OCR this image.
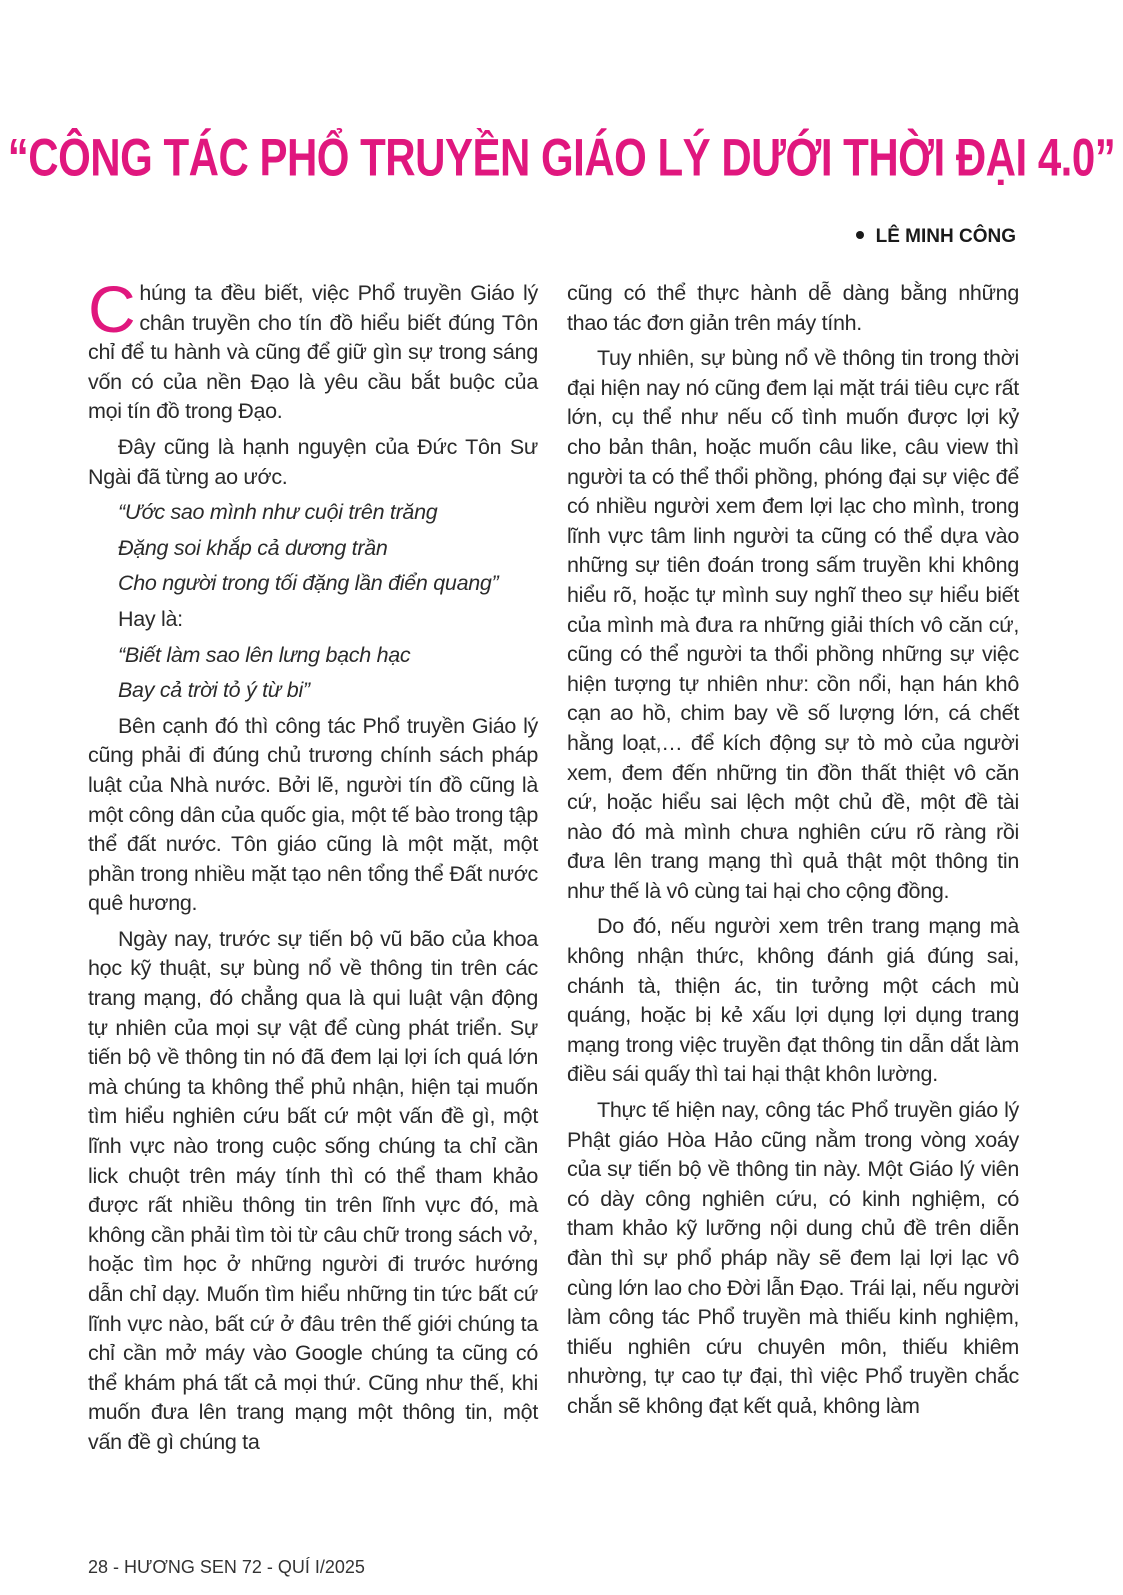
“CÔNG TÁC PHỔ TRUYỀN GIÁO LÝ DƯỚI THỜI ĐẠI 4.0”
LÊ MINH CÔNG

Chúng ta đều biết, việc Phổ truyền Giáo lý chân truyền cho tín đồ hiểu biết đúng Tôn chỉ để tu hành và cũng để giữ gìn sự trong sáng vốn có của nền Đạo là yêu cầu bắt buộc của mọi tín đồ trong Đạo.

Đây cũng là hạnh nguyện của Đức Tôn Sư Ngài đã từng ao ước.

“Ước sao mình như cuội trên trăng

Đặng soi khắp cả dương trần

Cho người trong tối đặng lần điển quang”

Hay là:

“Biết làm sao lên lưng bạch hạc

Bay cả trời tỏ ý từ bi”

Bên cạnh đó thì công tác Phổ truyền Giáo lý cũng phải đi đúng chủ trương chính sách pháp luật của Nhà nước. Bởi lẽ, người tín đồ cũng là một công dân của quốc gia, một tế bào trong tập thể đất nước. Tôn giáo cũng là một mặt, một phần trong nhiều mặt tạo nên tổng thể Đất nước quê hương.

Ngày nay, trước sự tiến bộ vũ bão của khoa học kỹ thuật, sự bùng nổ về thông tin trên các trang mạng, đó chẳng qua là qui luật vận động tự nhiên của mọi sự vật để cùng phát triển. Sự tiến bộ về thông tin nó đã đem lại lợi ích quá lớn mà chúng ta không thể phủ nhận, hiện tại muốn tìm hiểu nghiên cứu bất cứ một vấn đề gì, một lĩnh vực nào trong cuộc sống chúng ta chỉ cần lick chuột trên máy tính thì có thể tham khảo được rất nhiều thông tin trên lĩnh vực đó, mà không cần phải tìm tòi từ câu chữ trong sách vở, hoặc tìm học ở những người đi trước hướng dẫn chỉ dạy. Muốn tìm hiểu những tin tức bất cứ lĩnh vực nào, bất cứ ở đâu trên thế giới chúng ta chỉ cần mở máy vào Google chúng ta cũng có thể khám phá tất cả mọi thứ. Cũng như thế, khi muốn đưa lên trang mạng một thông tin, một vấn đề gì chúng ta

cũng có thể thực hành dễ dàng bằng những thao tác đơn giản trên máy tính.

Tuy nhiên, sự bùng nổ về thông tin trong thời đại hiện nay nó cũng đem lại mặt trái tiêu cực rất lớn, cụ thể như nếu cố tình muốn được lợi kỷ cho bản thân, hoặc muốn câu like, câu view thì người ta có thể thổi phồng, phóng đại sự việc để có nhiều người xem đem lợi lạc cho mình, trong lĩnh vực tâm linh người ta cũng có thể dựa vào những sự tiên đoán trong sấm truyền khi không hiểu rõ, hoặc tự mình suy nghĩ theo sự hiểu biết của mình mà đưa ra những giải thích vô căn cứ, cũng có thể người ta thổi phồng những sự việc hiện tượng tự nhiên như: cồn nổi, hạn hán khô cạn ao hồ, chim bay về số lượng lớn, cá chết hằng loạt,… để kích động sự tò mò của người xem, đem đến những tin đồn thất thiệt vô căn cứ, hoặc hiểu sai lệch một chủ đề, một đề tài nào đó mà mình chưa nghiên cứu rõ ràng rồi đưa lên trang mạng thì quả thật một thông tin như thế là vô cùng tai hại cho cộng đồng.

Do đó, nếu người xem trên trang mạng mà không nhận thức, không đánh giá đúng sai, chánh tà, thiện ác, tin tưởng một cách mù quáng, hoặc bị kẻ xấu lợi dụng lợi dụng trang mạng trong việc truyền đạt thông tin dẫn dắt làm điều sái quấy thì tai hại thật khôn lường.

Thực tế hiện nay, công tác Phổ truyền giáo lý Phật giáo Hòa Hảo cũng nằm trong vòng xoáy của sự tiến bộ về thông tin này. Một Giáo lý viên có dày công nghiên cứu, có kinh nghiệm, có tham khảo kỹ lưỡng nội dung chủ đề trên diễn đàn thì sự phổ pháp nầy sẽ đem lại lợi lạc vô cùng lớn lao cho Đời lẫn Đạo. Trái lại, nếu người làm công tác Phổ truyền mà thiếu kinh nghiệm, thiếu nghiên cứu chuyên môn, thiếu khiêm nhường, tự cao tự đại, thì việc Phổ truyền chắc chắn sẽ không đạt kết quả, không làm

28 - HƯƠNG SEN 72 - QUÍ I/2025
